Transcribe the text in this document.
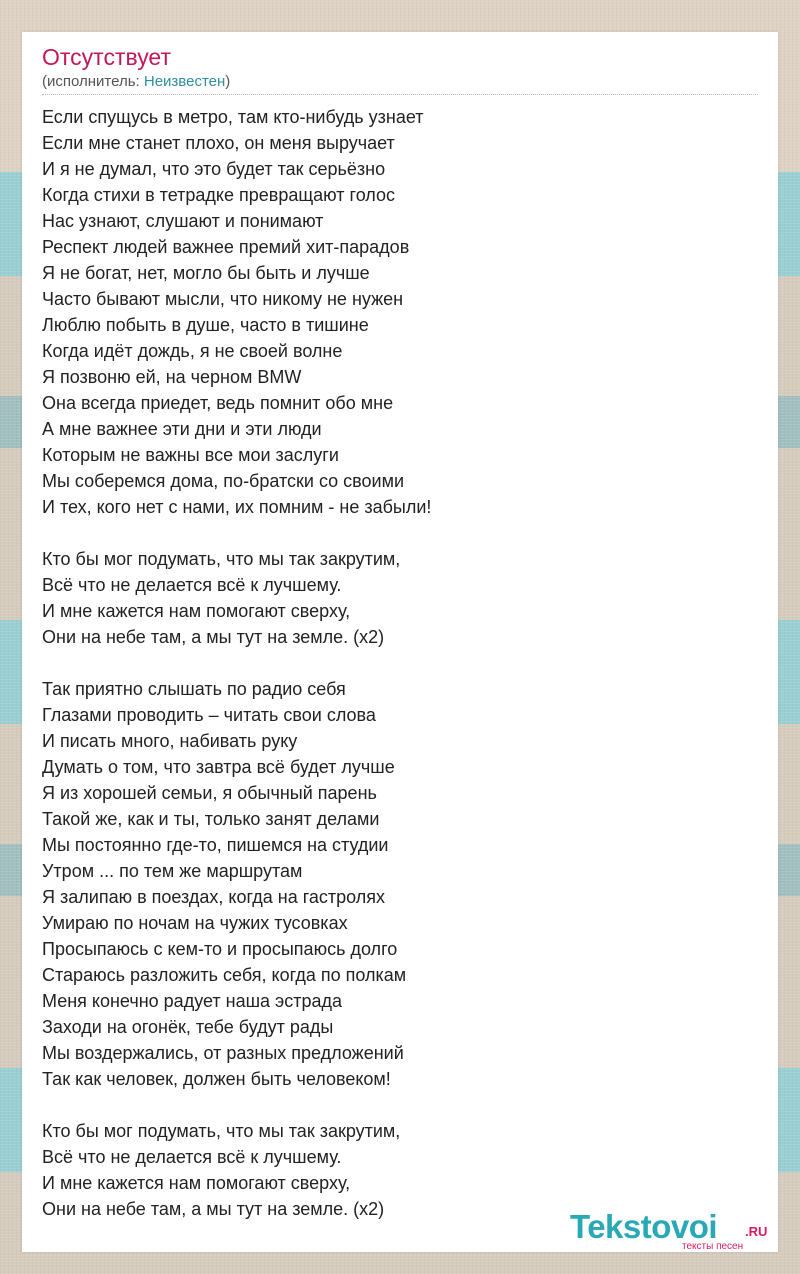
Отсутствует
(исполнитель: Неизвестен)
Если спущусь в метро, там кто-нибудь узнает
Если мне станет плохо, он меня выручает
И я не думал, что это будет так серьёзно
Когда стихи в тетрадке превращают голос
Нас узнают, слушают и понимают
Респект людей важнее премий хит-парадов
Я не богат, нет, могло бы быть и лучше
Часто бывают мысли, что никому не нужен
Люблю побыть в душе, часто в тишине
Когда идёт дождь, я не своей волне
Я позвоню ей, на черном BMW
Она всегда приедет, ведь помнит обо мне
А мне важнее эти дни и эти люди
Которым не важны все мои заслуги
Мы соберемся дома, по-братски со своими
И тех, кого нет с нами, их помним - не забыли!
Кто бы мог подумать, что мы так закрутим,
Всё что не делается всё к лучшему.
И мне кажется нам помогают сверху,
Они на небе там, а мы тут на земле. (x2)
Так приятно слышать по радио себя
Глазами проводить – читать свои слова
И писать много, набивать руку
Думать о том, что завтра всё будет лучше
Я из хорошей семьи, я обычный парень
Такой же, как и ты, только занят делами
Мы постоянно где-то, пишемся на студии
Утром ... по тем же маршрутам
Я залипаю в поездах, когда на гастролях
Умираю по ночам на чужих тусовках
Просыпаюсь с кем-то и просыпаюсь долго
Стараюсь разложить себя, когда по полкам
Меня конечно радует наша эстрада
Заходи на огонёк, тебе будут рады
Мы воздержались, от разных предложений
Так как человек, должен быть человеком!
Кто бы мог подумать, что мы так закрутим,
Всё что не делается всё к лучшему.
И мне кажется нам помогают сверху,
Они на небе там, а мы тут на земле. (x2)	Tekstovoi .RU
тексты песен
